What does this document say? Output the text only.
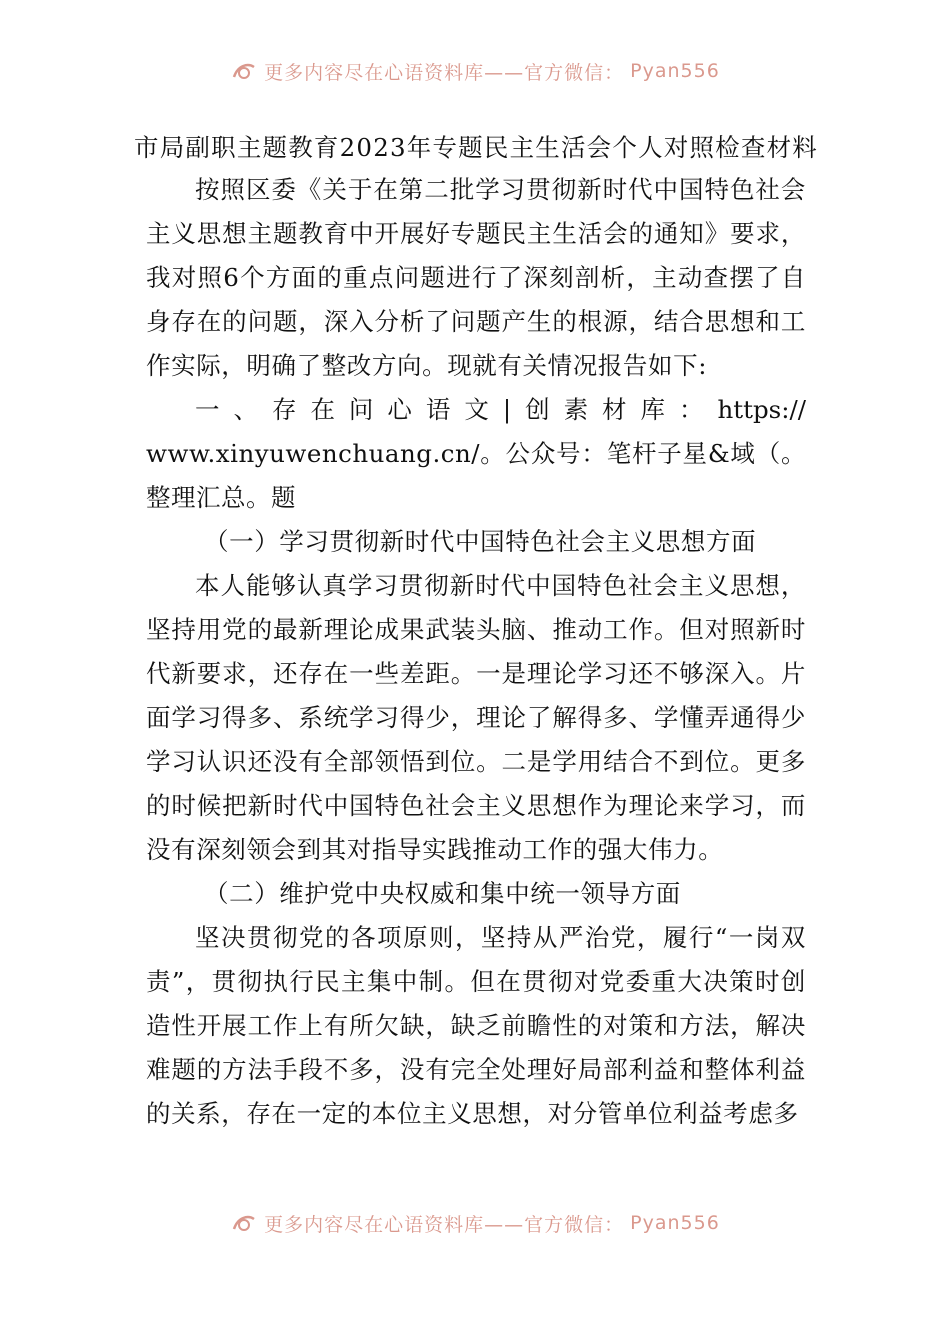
更多内容尽在心语资料库——官方微信： Pyan556
市局副职主题教育2023年专题民主生活会个人对照检查材料

按照区委《关于在第二批学习贯彻新时代中国特色社会主义思想主题教育中开展好专题民主生活会的通知》要求，我对照6个方面的重点问题进行了深刻剖析，主动查摆了自身存在的问题，深入分析了问题产生的根源，结合思想和工作实际，明确了整改方向。现就有关情况报告如下:

一、存在问心语文|创素材库：https://

www.xinyuwenchuang.cn/。公众号：笔杆子星&域（。整理汇总。题

（一）学习贯彻新时代中国特色社会主义思想方面

本人能够认真学习贯彻新时代中国特色社会主义思想，坚持用党的最新理论成果武装头脑、推动工作。但对照新时代新要求，还存在一些差距。一是理论学习还不够深入。片面学习得多、系统学习得少，理论了解得多、学懂弄通得少学习认识还没有全部领悟到位。二是学用结合不到位。更多的时候把新时代中国特色社会主义思想作为理论来学习，而没有深刻领会到其对指导实践推动工作的强大伟力。

（二）维护党中央权威和集中统一领导方面

坚决贯彻党的各项原则，坚持从严治党，履行“一岗双责”，贯彻执行民主集中制。但在贯彻对党委重大决策时创造性开展工作上有所欠缺，缺乏前瞻性的对策和方法，解决难题的方法手段不多，没有完全处理好局部利益和整体利益的关系，存在一定的本位主义思想，对分管单位利益考虑多

更多内容尽在心语资料库——官方微信： Pyan556
